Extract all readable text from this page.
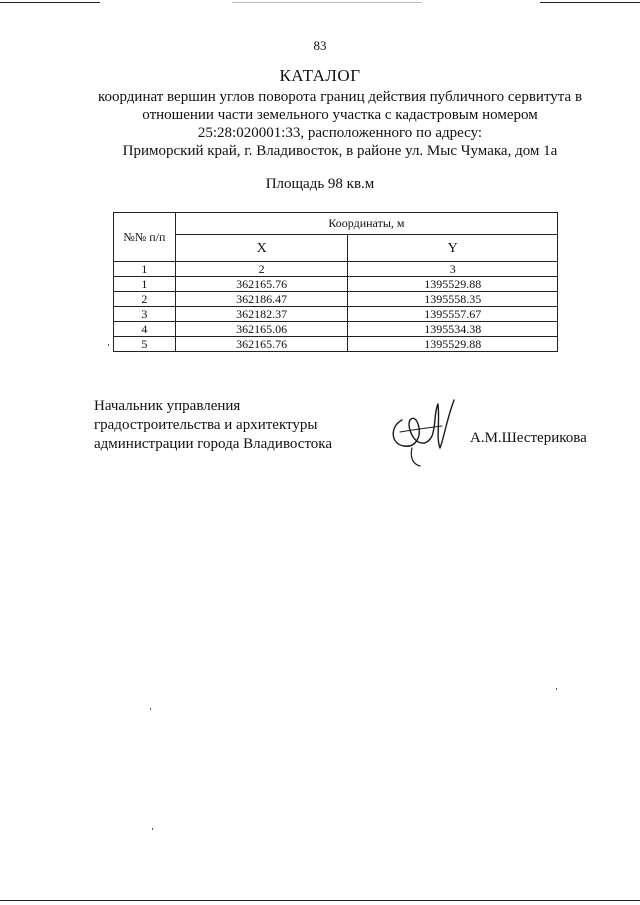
83
КАТАЛОГ
координат вершин углов поворота границ действия публичного сервитута в
отношении части земельного участка с кадастровым номером
25:28:020001:33, расположенного по адресу:
Приморский край, г. Владивосток, в районе ул. Мыс Чумака, дом 1а
Площадь 98 кв.м
№№ п/п	Координаты, м	
	X	Y
1	2	3
1	362165.76	1395529.88
2	362186.47	1395558.35
3	362182.37	1395557.67
4	362165.06	1395534.38
5	362165.76	1395529.88
Начальник управления
градостроительства и архитектуры
администрации города Владивостока	А.М.Шестерикова
